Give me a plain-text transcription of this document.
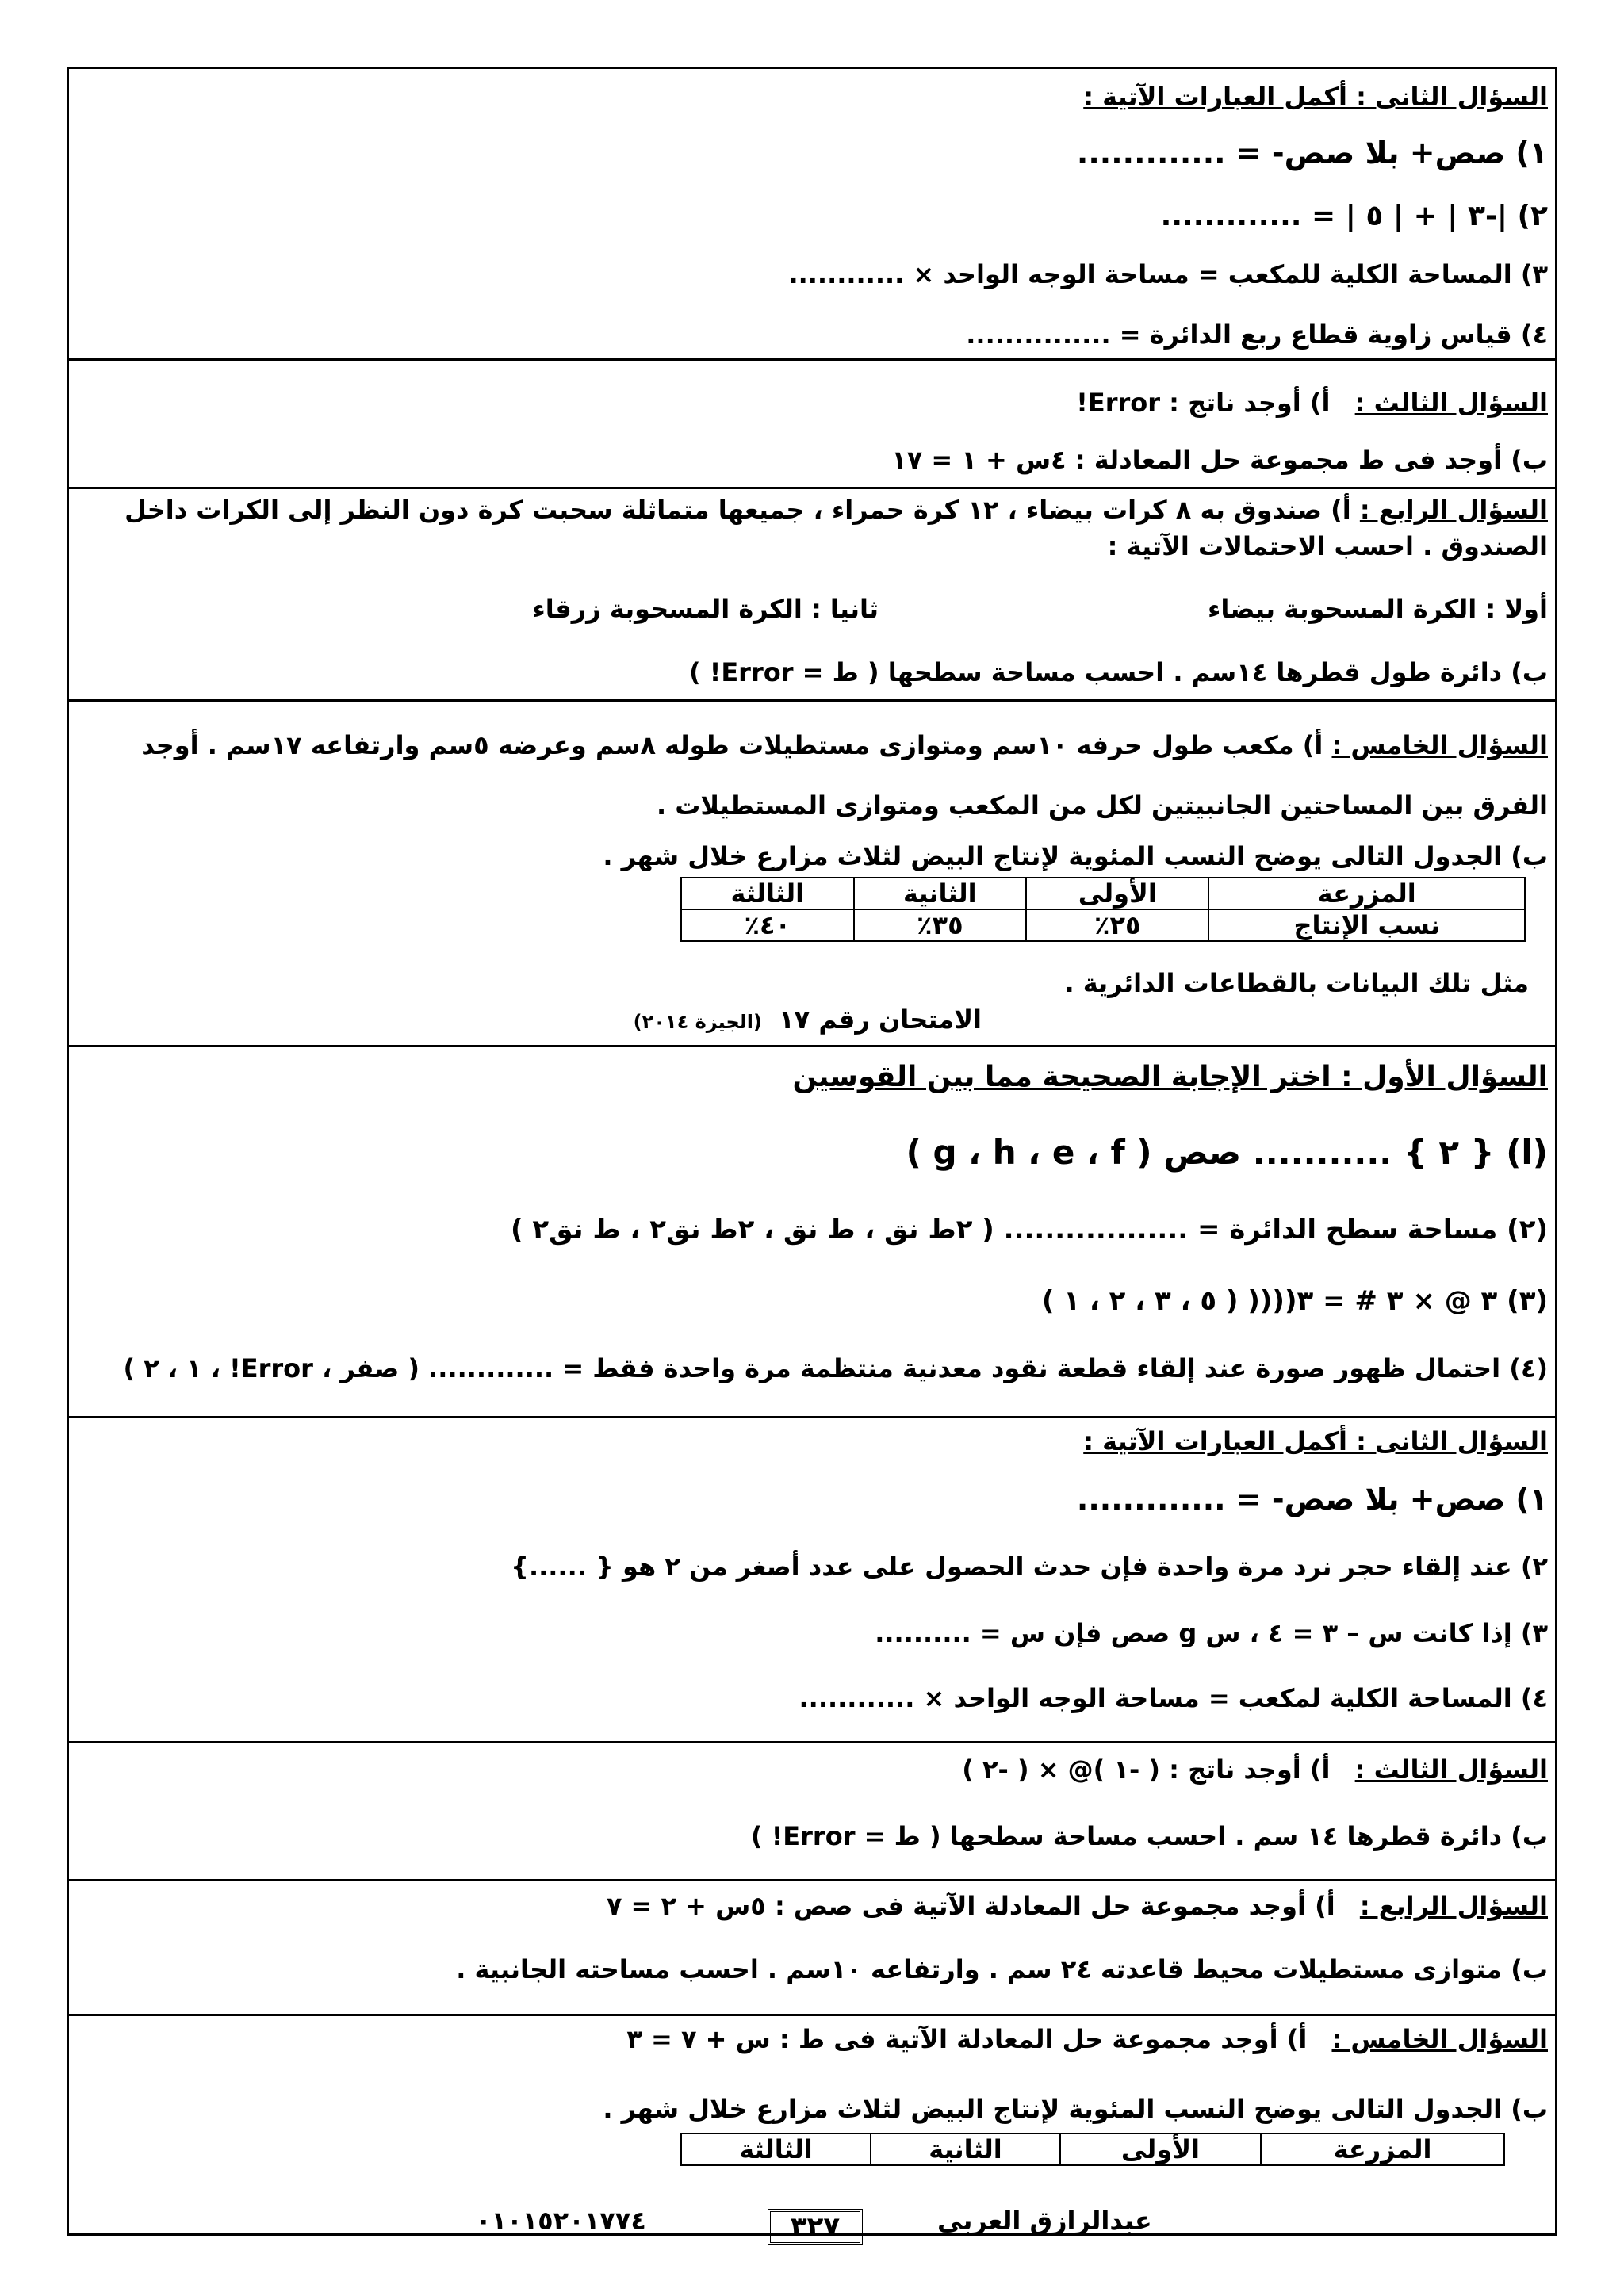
السؤال الثانى : أكمل العبارات الآتية :
١) صص+ بلا صص- = .............
٢) |-٣ | + | ٥ | = .............
٣) المساحة الكلية للمكعب = مساحة الوجه الواحد × ............
٤) قياس زاوية قطاع ربع الدائرة = ...............
السؤال الثالث : أ) أوجد ناتج : Error!
ب) أوجد فى ط مجموعة حل المعادلة : ٤س + ١ = ١٧
السؤال الرابع : أ) صندوق به ٨ كرات بيضاء ، ١٢ كرة حمراء ، جميعها متماثلة سحبت كرة دون النظر إلى الكرات داخل الصندوق . احسب الاحتمالات الآتية :
أولا : الكرة المسحوبة بيضاء
ثانيا : الكرة المسحوبة زرقاء
ب) دائرة طول قطرها ١٤سم . احسب مساحة سطحها ( ط = Error! )
السؤال الخامس : أ) مكعب طول حرفه ١٠سم ومتوازى مستطيلات طوله ٨سم وعرضه ٥سم وارتفاعه ١٧سم . أوجد الفرق بين المساحتين الجانبيتين لكل من المكعب ومتوازى المستطيلات .
ب) الجدول التالى يوضح النسب المئوية لإنتاج البيض لثلاث مزارع خلال شهر .
المزرعة	الأولى	الثانية	الثالثة
نسب الإنتاج	٢٥٪	٣٥٪	٤٠٪
مثل تلك البيانات بالقطاعات الدائرية .
الامتحان رقم ١٧ (الجيزة ٢٠١٤)
السؤال الأول : اختر الإجابة الصحيحة مما بين القوسين
(ا) { ٢ } ........... صص ( g ، h ، e ، f )
(٢) مساحة سطح الدائرة = .................. ( ٢ط نق ، ط نق ، ٢ط نق٢ ، ط نق٢ )
(٣) ٣ @ × ٣ # = ٣(((( ( ٥ ، ٣ ، ٢ ، ١ )
(٤) احتمال ظهور صورة عند إلقاء قطعة نقود معدنية منتظمة مرة واحدة فقط = ............. ( صفر ، Error! ، ١ ، ٢ )
السؤال الثانى : أكمل العبارات الآتية :
١) صص+ بلا صص- = .............
٢) عند إلقاء حجر نرد مرة واحدة فإن حدث الحصول على عدد أصغر من ٢ هو { ......}
٣) إذا كانت س – ٣ = ٤ ، س g صص فإن س = ..........
٤) المساحة الكلية لمكعب = مساحة الوجه الواحد × ............
السؤال الثالث : أ) أوجد ناتج : ( -١ )@ × ( -٢ )
ب) دائرة قطرها ١٤ سم . احسب مساحة سطحها ( ط = Error! )
السؤال الرابع : أ) أوجد مجموعة حل المعادلة الآتية فى صص : ٥س + ٢ = ٧
ب) متوازى مستطيلات محيط قاعدته ٢٤ سم . وارتفاعه ١٠سم . احسب مساحته الجانبية .
السؤال الخامس : أ) أوجد مجموعة حل المعادلة الآتية فى ط : س + ٧ = ٣
ب) الجدول التالى يوضح النسب المئوية لإنتاج البيض لثلاث مزارع خلال شهر .
المزرعة	الأولى	الثانية	الثالثة
عبدالرازق العربى
٣٢٧
٠١٠١٥٢٠١٧٧٤
